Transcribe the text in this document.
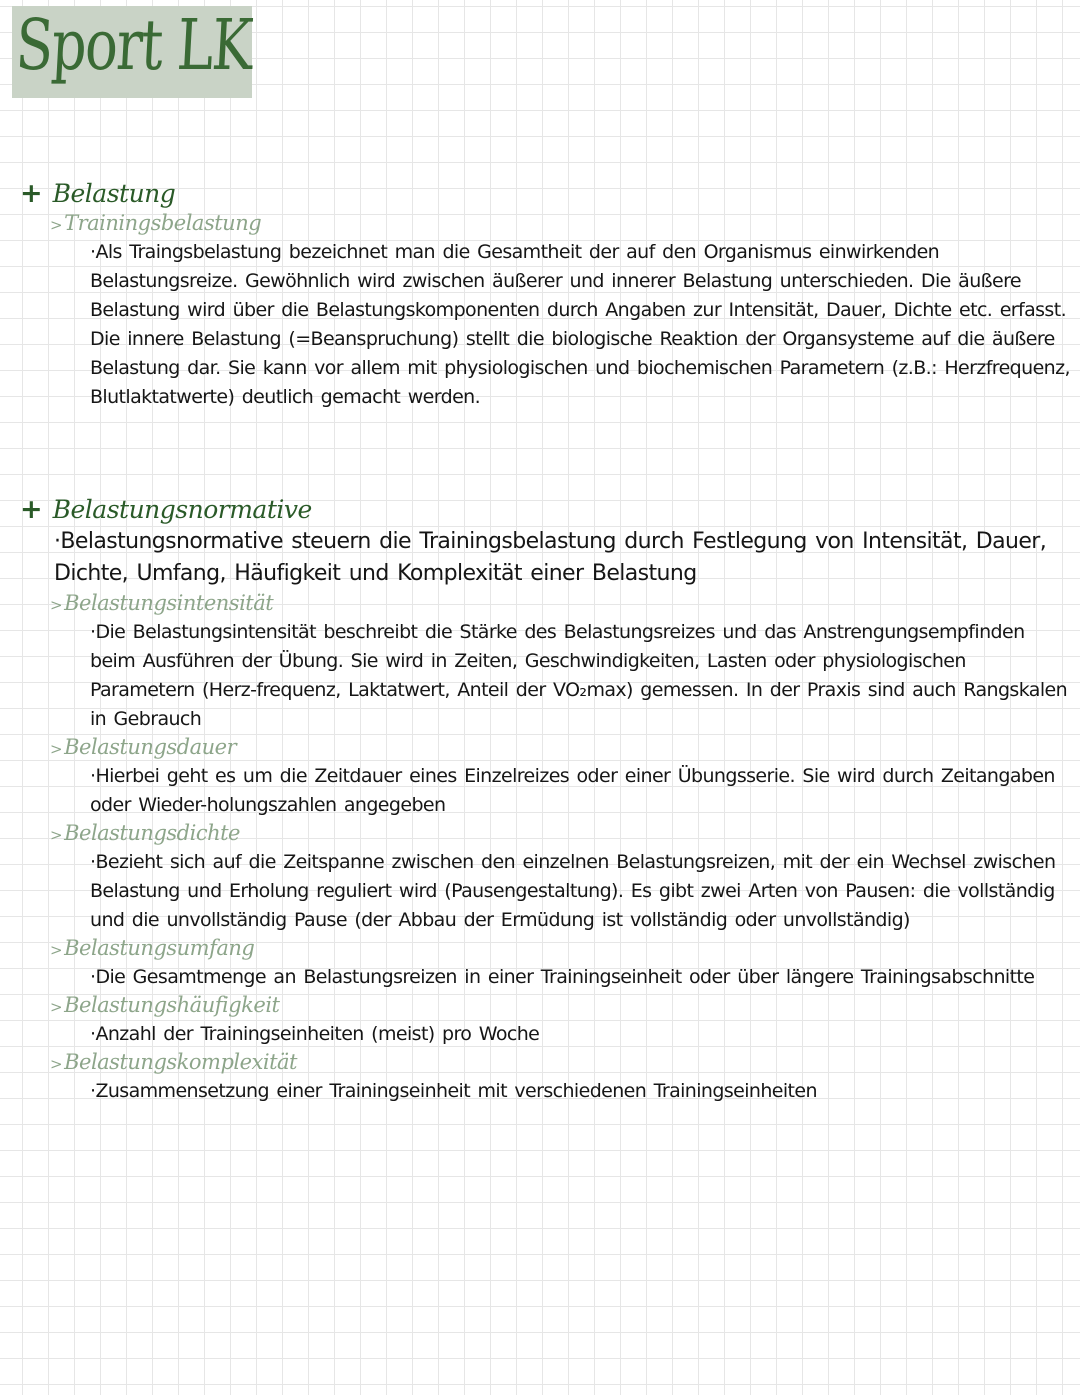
Sport LK
+ Belastung
>Trainingsbelastung
·Als Traingsbelastung bezeichnet man die Gesamtheit der auf den Organismus einwirkenden Belastungsreize. Gewöhnlich wird zwischen äußerer und innerer Belastung unterschieden. Die äußere Belastung wird über die Belastungskomponenten durch Angaben zur Intensität, Dauer, Dichte etc. erfasst. Die innere Belastung (=Beanspruchung) stellt die biologische Reaktion der Organsysteme auf die äußere Belastung dar. Sie kann vor allem mit physiologischen und biochemischen Parametern (z.B.: Herzfrequenz, Blutlaktatwerte) deutlich gemacht werden.
+ Belastungsnormative
·Belastungsnormative steuern die Trainingsbelastung durch Festlegung von Intensität, Dauer, Dichte, Umfang, Häufigkeit und Komplexität einer Belastung
>Belastungsintensität
·Die Belastungsintensität beschreibt die Stärke des Belastungsreizes und das Anstrengungsempfinden beim Ausführen der Übung. Sie wird in Zeiten, Geschwindigkeiten, Lasten oder physiologischen Parametern (Herz-frequenz, Laktatwert, Anteil der VO₂max) gemessen. In der Praxis sind auch Rangskalen in Gebrauch
>Belastungsdauer
·Hierbei geht es um die Zeitdauer eines Einzelreizes oder einer Übungsserie. Sie wird durch Zeitangaben oder Wieder-holungszahlen angegeben
>Belastungsdichte
·Bezieht sich auf die Zeitspanne zwischen den einzelnen Belastungsreizen, mit der ein Wechsel zwischen Belastung und Erholung reguliert wird (Pausengestaltung). Es gibt zwei Arten von Pausen: die vollständig und die unvollständig Pause (der Abbau der Ermüdung ist vollständig oder unvollständig)
>Belastungsumfang
·Die Gesamtmenge an Belastungsreizen in einer Trainingseinheit oder über längere Trainingsabschnitte
>Belastungshäufigkeit
·Anzahl der Trainingseinheiten (meist) pro Woche
>Belastungskomplexität
·Zusammensetzung einer Trainingseinheit mit verschiedenen Trainingseinheiten
